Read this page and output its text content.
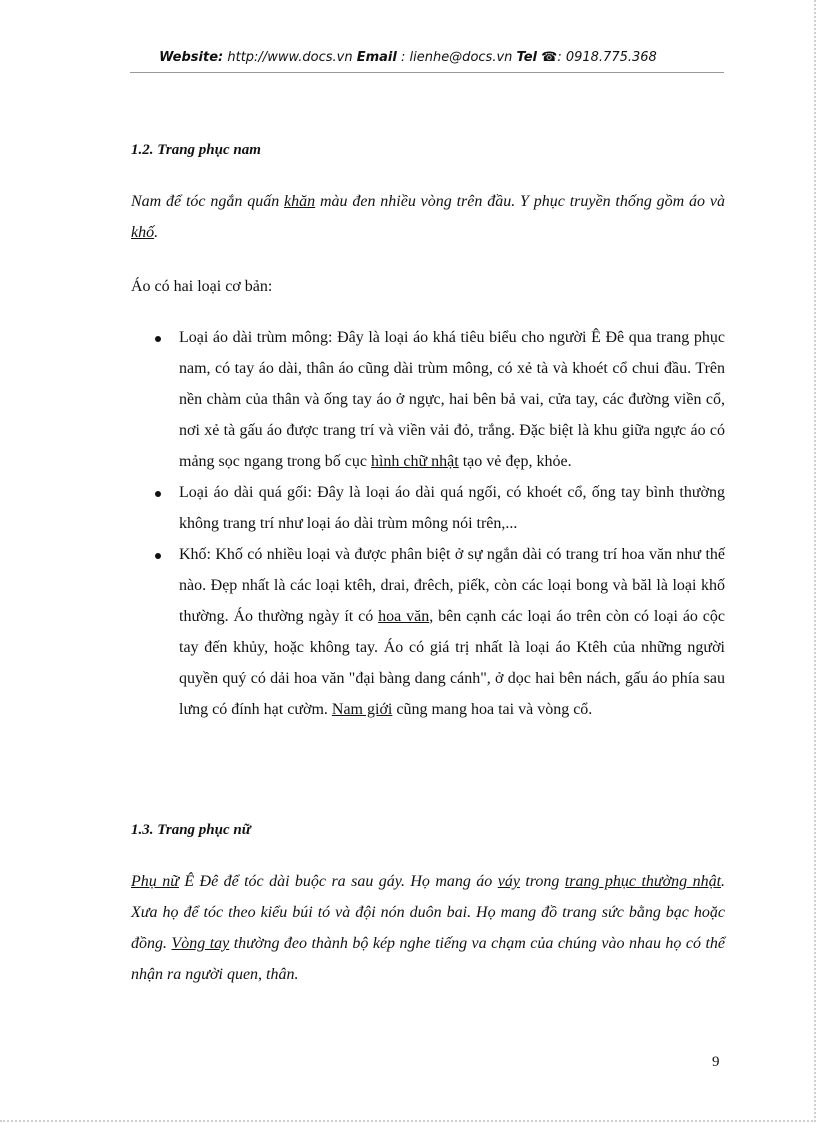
Website: http://www.docs.vn Email : lienhe@docs.vn Tel ☎: 0918.775.368
1.2. Trang phục nam
Nam để tóc ngắn quấn khăn màu đen nhiều vòng trên đầu. Y phục truyền thống gồm áo và khố.
Áo có hai loại cơ bản:
Loại áo dài trùm mông: Đây là loại áo khá tiêu biểu cho người Ê Đê qua trang phục nam, có tay áo dài, thân áo cũng dài trùm mông, có xẻ tà và khoét cổ chui đầu. Trên nền chàm của thân và ống tay áo ở ngực, hai bên bả vai, cửa tay, các đường viền cổ, nơi xẻ tà gấu áo được trang trí và viền vải đỏ, trắng. Đặc biệt là khu giữa ngực áo có mảng sọc ngang trong bố cục hình chữ nhật tạo vẻ đẹp, khỏe.
Loại áo dài quá gối: Đây là loại áo dài quá ngối, có khoét cổ, ống tay bình thường không trang trí như loại áo dài trùm mông nói trên,...
Khố: Khố có nhiều loại và được phân biệt ở sự ngắn dài có trang trí hoa văn như thế nào. Đẹp nhất là các loại ktêh, drai, đrêch, piếk, còn các loại bong và băl là loại khố thường. Áo thường ngày ít có hoa văn, bên cạnh các loại áo trên còn có loại áo cộc tay đến khủy, hoặc không tay. Áo có giá trị nhất là loại áo Ktêh của những người quyền quý có dải hoa văn "đại bàng dang cánh", ở dọc hai bên nách, gấu áo phía sau lưng có đính hạt cườm. Nam giới cũng mang hoa tai và vòng cổ.
1.3. Trang phục nữ
Phụ nữ Ê Đê để tóc dài buộc ra sau gáy. Họ mang áo váy trong trang phục thường nhật. Xưa họ để tóc theo kiểu búi tó và đội nón duôn bai. Họ mang đồ trang sức bằng bạc hoặc đồng. Vòng tay thường đeo thành bộ kép nghe tiếng va chạm của chúng vào nhau họ có thể nhận ra người quen, thân.
9
